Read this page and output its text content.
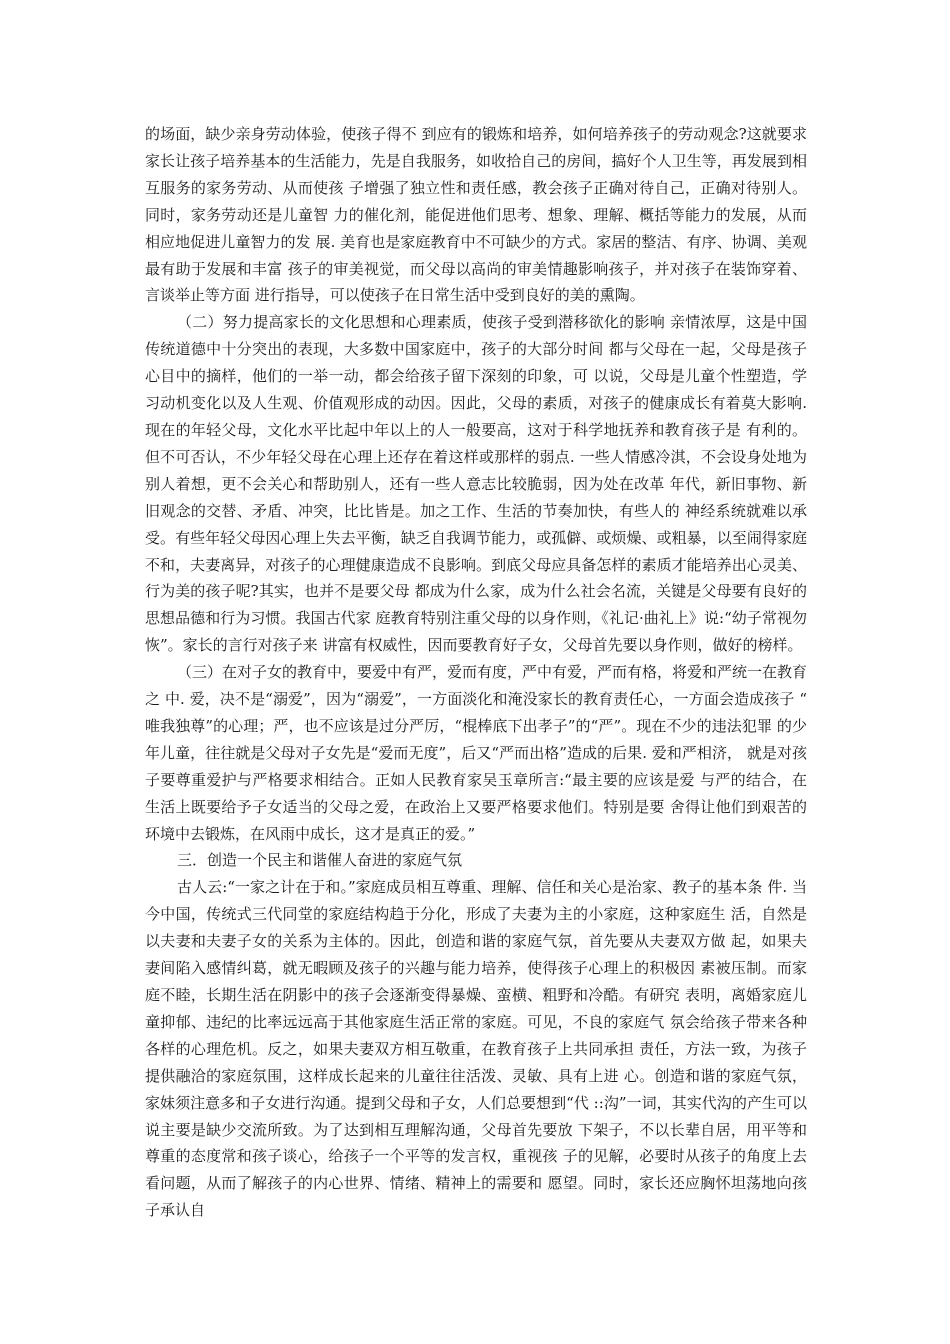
的场面，缺少亲身劳动体验，使孩子得不 到应有的锻炼和培养，如何培养孩子的劳动观念?这就要求家长让孩子培养基本的生活能力，先是自我服务，如收拾自己的房间，搞好个人卫生等，再发展到相互服务的家务劳动、从而使孩 子增强了独立性和责任感，教会孩子正确对待自己，正确对待别人。同时，家务劳动还是儿童智 力的催化剂，能促进他们思考、想象、理解、概括等能力的发展，从而相应地促进儿童智力的发 展. 美育也是家庭教育中不可缺少的方式。家居的整洁、有序、协调、美观最有助于发展和丰富 孩子的审美视觉，而父母以高尚的审美情趣影响孩子，并对孩子在装饰穿着、言谈举止等方面 进行指导，可以使孩子在日常生活中受到良好的美的熏陶。

（二）努力提高家长的文化思想和心理素质，使孩子受到潜移欲化的影响 亲情浓厚，这是中国传统道德中十分突出的表现，大多数中国家庭中，孩子的大部分时间 都与父母在一起，父母是孩子心目中的摘样，他们的一举一动，都会给孩子留下深刻的印象，可 以说，父母是儿童个性塑造，学习动机变化以及人生观、价值观形成的动因。因此，父母的素质，对孩子的健康成长有着莫大影响. 现在的年轻父母，文化水平比起中年以上的人一般要高，这对于科学地抚养和教育孩子是 有利的。但不可否认，不少年轻父母在心理上还存在着这样或那样的弱点. 一些人情感冷淇，不会设身处地为别人着想，更不会关心和帮助别人，还有一些人意志比较脆弱，因为处在改革 年代，新旧事物、新旧观念的交替、矛盾、冲突，比比皆是。加之工作、生活的节奏加快，有些人的 神经系统就难以承受。有些年轻父母因心理上失去平衡，缺乏自我调节能力，或孤僻、或烦燥、或粗暴，以至闹得家庭不和，夫妻离异，对孩子的心理健康造成不良影响。到底父母应具备怎样的素质才能培养出心灵美、行为美的孩子呢?其实，也并不是要父母 都成为什么家，成为什么社会名流，关键是父母要有良好的思想品德和行为习惯。我国古代家 庭教育特别注重父母的以身作则，《礼记·曲礼上》说:“幼子常视勿恢”。家长的言行对孩子来 讲富有权威性，因而要教育好子女，父母首先要以身作则，做好的榜样。

（三）在对子女的教育中，要爱中有严，爱而有度，严中有爱，严而有格，将爱和严统一在教育之 中. 爱，决不是“溺爱”，因为“溺爱”，一方面淡化和淹没家长的教育责任心，一方面会造成孩子 “唯我独尊”的心理；严，也不应该是过分严厉，“棍棒底下出孝子”的“严”。现在不少的违法犯罪 的少年儿童，往往就是父母对子女先是“爱而无度”，后又“严而出格”造成的后果. 爱和严相济， 就是对孩子要尊重爱护与严格要求相结合。正如人民教育家吴玉章所言:“最主要的应该是爱 与严的结合，在生活上既要给予子女适当的父母之爱，在政治上又要严格要求他们。特别是要 舍得让他们到艰苦的环境中去锻炼，在风雨中成长，这才是真正的爱。”

三．创造一个民主和谐催人奋进的家庭气氛

古人云:“一家之计在于和。”家庭成员相互尊重、理解、信任和关心是治家、教子的基本条 件. 当今中国，传统式三代同堂的家庭结构趋于分化，形成了夫妻为主的小家庭，这种家庭生 活，自然是以夫妻和夫妻子女的关系为主体的。因此，创造和谐的家庭气氛，首先要从夫妻双方做 起，如果夫妻间陷入感情纠葛，就无暇顾及孩子的兴趣与能力培养，使得孩子心理上的积极因 素被压制。而家庭不睦，长期生活在阴影中的孩子会逐渐变得暴燥、蛮横、粗野和冷酷。有研究 表明，离婚家庭儿童抑郁、违纪的比率远远高于其他家庭生活正常的家庭。可见，不良的家庭气 氛会给孩子带来各种各样的心理危机。反之，如果夫妻双方相互敬重，在教育孩子上共同承担 责任，方法一致，为孩子提供融洽的家庭氛围，这样成长起来的儿童往往活泼、灵敏、具有上进 心。创造和谐的家庭气氛，家妹须注意多和子女进行沟通。提到父母和子女，人们总要想到“代 ::沟”一词，其实代沟的产生可以说主要是缺少交流所致。为了达到相互理解沟通，父母首先要放 下架子，不以长辈自居，用平等和尊重的态度常和孩子谈心，给孩子一个平等的发言权，重视孩 子的见解，必要时从孩子的角度上去看问题，从而了解孩子的内心世界、情绪、精神上的需要和 愿望。同时，家长还应胸怀坦荡地向孩子承认自
